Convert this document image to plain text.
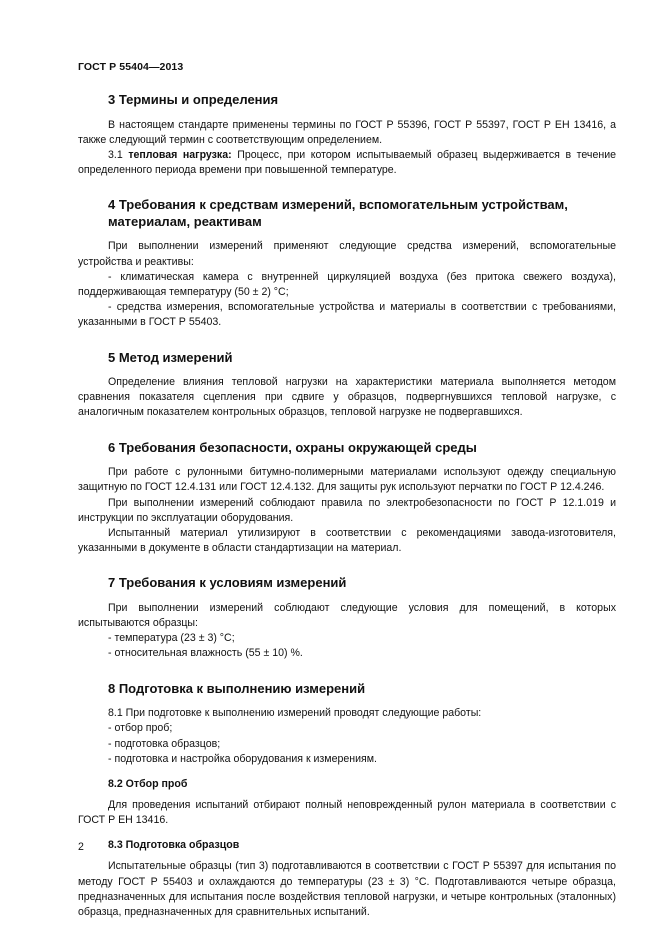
ГОСТ Р 55404—2013
3 Термины и определения

В настоящем стандарте применены термины по ГОСТ Р 55396, ГОСТ Р 55397, ГОСТ Р ЕН 13416, а также следующий термин с соответствующим определением.

3.1 тепловая нагрузка: Процесс, при котором испытываемый образец выдерживается в течение определенного периода времени при повышенной температуре.

4 Требования к средствам измерений, вспомогательным устройствам,
материалам, реактивам

При выполнении измерений применяют следующие средства измерений, вспомогательные устройства и реактивы:

- климатическая камера с внутренней циркуляцией воздуха (без притока свежего воздуха), поддерживающая температуру (50 ± 2) °С;

- средства измерения, вспомогательные устройства и материалы в соответствии с требованиями, указанными в ГОСТ Р 55403.

5 Метод измерений

Определение влияния тепловой нагрузки на характеристики материала выполняется методом сравнения показателя сцепления при сдвиге у образцов, подвергнувшихся тепловой нагрузке, с аналогичным показателем контрольных образцов, тепловой нагрузке не подвергавшихся.

6 Требования безопасности, охраны окружающей среды

При работе с рулонными битумно-полимерными материалами используют одежду специальную защитную по ГОСТ 12.4.131 или ГОСТ 12.4.132. Для защиты рук используют перчатки по ГОСТ Р 12.4.246.

При выполнении измерений соблюдают правила по электробезопасности по ГОСТ Р 12.1.019 и инструкции по эксплуатации оборудования.

Испытанный материал утилизируют в соответствии с рекомендациями завода-изготовителя, указанными в документе в области стандартизации на материал.

7 Требования к условиям измерений

При выполнении измерений соблюдают следующие условия для помещений, в которых испытываются образцы:

- температура (23 ± 3) °С;

- относительная влажность (55 ± 10) %.

8 Подготовка к выполнению измерений

8.1 При подготовке к выполнению измерений проводят следующие работы:

- отбор проб;

- подготовка образцов;

- подготовка и настройка оборудования к измерениям.

8.2 Отбор проб

Для проведения испытаний отбирают полный неповрежденный рулон материала в соответствии с ГОСТ Р ЕН 13416.

8.3 Подготовка образцов

Испытательные образцы (тип 3) подготавливаются в соответствии с ГОСТ Р 55397 для испытания по методу ГОСТ Р 55403 и охлаждаются до температуры (23 ± 3) °С. Подготавливаются четыре образца, предназначенных для испытания после воздействия тепловой нагрузки, и четыре контрольных (эталонных) образца, предназначенных для сравнительных испытаний.

2
